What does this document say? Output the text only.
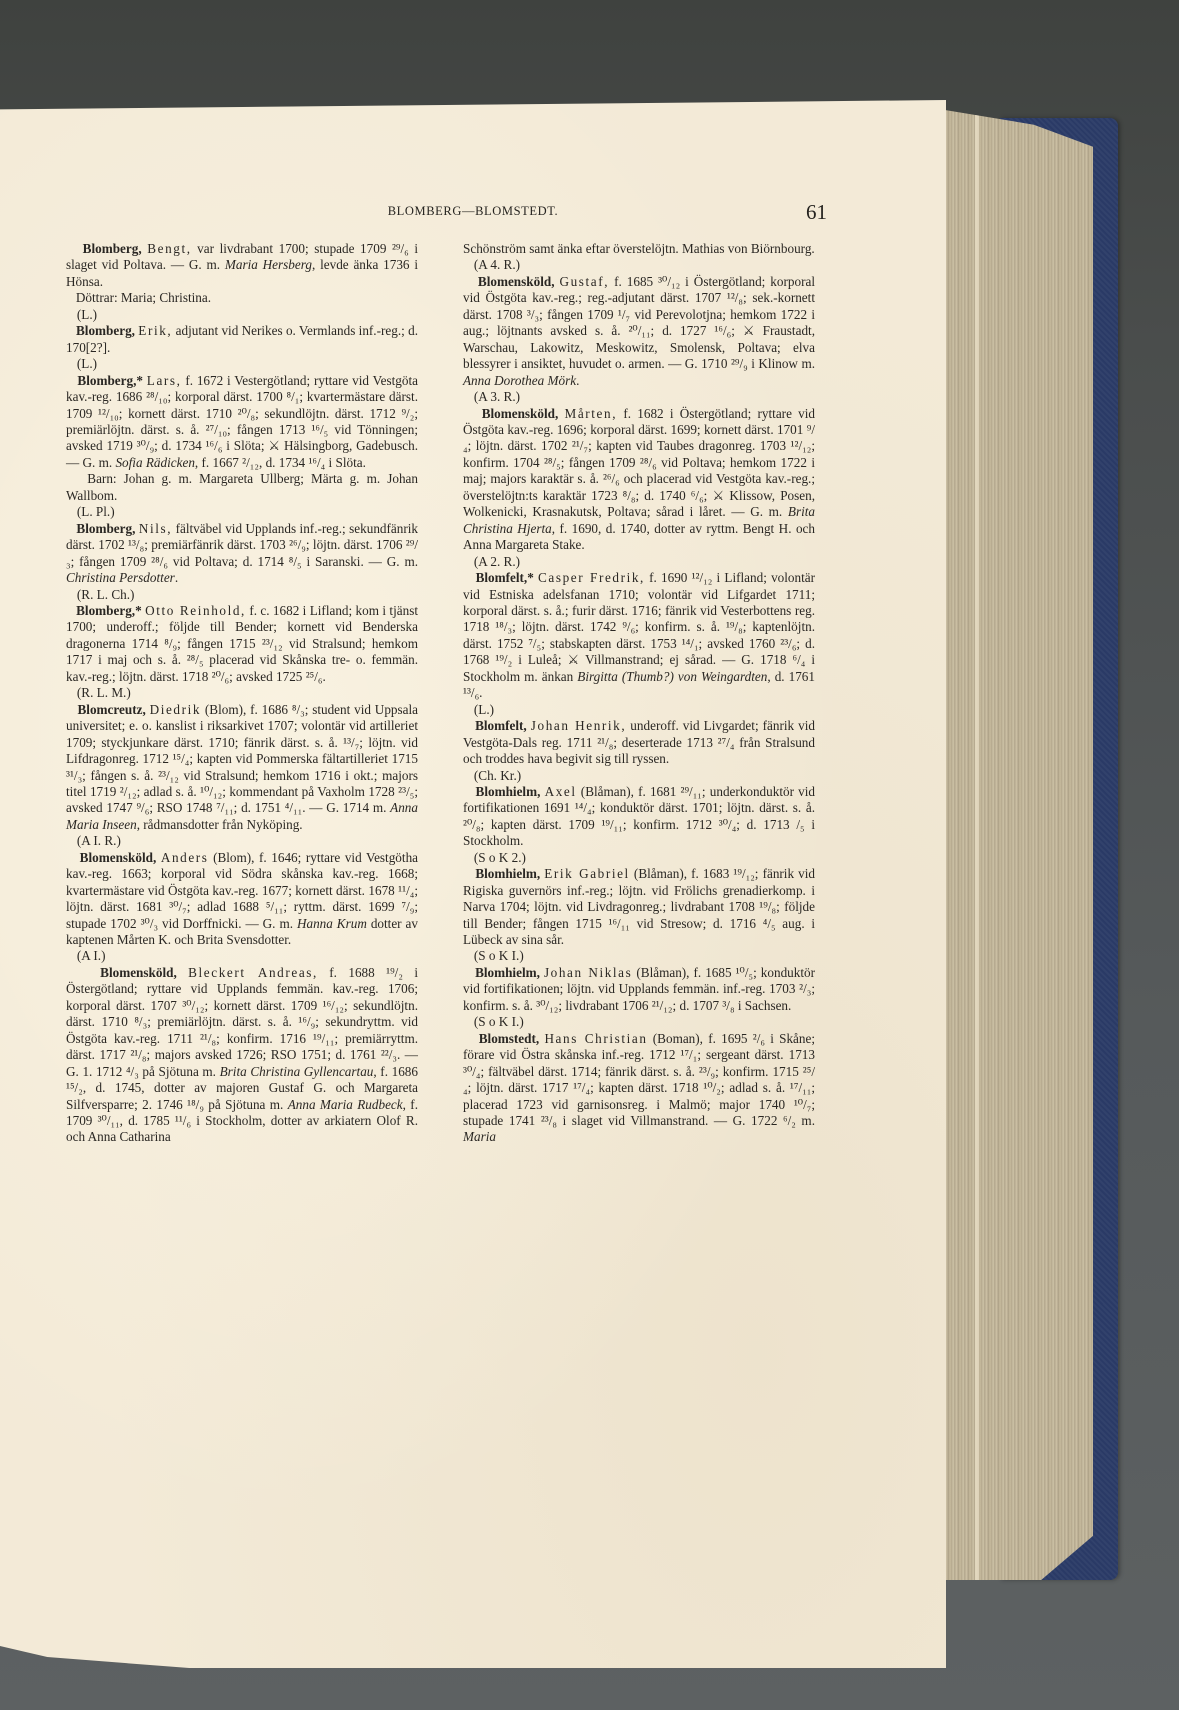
BLOMBERG—BLOMSTEDT.	61

Blomberg, Bengt, var livdrabant 1700; stupade 1709 ²⁹/₆ i slaget vid Poltava. — G. m. Maria Hersberg, levde änka 1736 i Hönsa.

Döttrar: Maria; Christina.

(L.)

Blomberg, Erik, adjutant vid Nerikes o. Vermlands inf.-reg.; d. 170[2?].

(L.)

Blomberg,* Lars, f. 1672 i Vestergötland; ryttare vid Vestgöta kav.-reg. 1686 ²⁸/₁₀; korporal därst. 1700 ⁸/₁; kvartermästare därst. 1709 ¹²/₁₀; kornett därst. 1710 ²⁰/₈; sekundlöjtn. därst. 1712 ⁹/₂; premiärlöjtn. därst. s. å. ²⁷/₁₀; fången 1713 ¹⁶/₅ vid Tönningen; avsked 1719 ³⁰/₉; d. 1734 ¹⁶/₆ i Slöta; ⚔ Hälsingborg, Gadebusch. — G. m. Sofia Rädicken, f. 1667 ²/₁₂, d. 1734 ¹⁶/₄ i Slöta.

Barn: Johan g. m. Margareta Ullberg; Märta g. m. Johan Wallbom.

(L. Pl.)

Blomberg, Nils, fältväbel vid Upplands inf.-reg.; sekundfänrik därst. 1702 ¹³/₈; premiärfänrik därst. 1703 ²⁶/₉; löjtn. därst. 1706 ²⁹/₃; fången 1709 ²⁸/₆ vid Poltava; d. 1714 ⁸/₅ i Saranski. — G. m. Christina Persdotter.

(R. L. Ch.)

Blomberg,* Otto Reinhold, f. c. 1682 i Lifland; kom i tjänst 1700; underoff.; följde till Bender; kornett vid Benderska dragonerna 1714 ⁸/₉; fången 1715 ²³/₁₂ vid Stralsund; hemkom 1717 i maj och s. å. ²⁸/₅ placerad vid Skånska tre- o. femmän. kav.-reg.; löjtn. därst. 1718 ²⁰/₆; avsked 1725 ²⁵/₆.

(R. L. M.)

Blomcreutz, Diedrik (Blom), f. 1686 ⁸/₃; student vid Uppsala universitet; e. o. kanslist i riksarkivet 1707; volontär vid artilleriet 1709; styckjunkare därst. 1710; fänrik därst. s. å. ¹³/₇; löjtn. vid Lifdragonreg. 1712 ¹⁵/₄; kapten vid Pommerska fältartilleriet 1715 ³¹/₃; fången s. å. ²³/₁₂ vid Stralsund; hemkom 1716 i okt.; majors titel 1719 ²/₁₂; adlad s. å. ¹⁰/₁₂; kommendant på Vaxholm 1728 ²³/₅; avsked 1747 ⁹/₆; RSO 1748 ⁷/₁₁; d. 1751 ⁴/₁₁. — G. 1714 m. Anna Maria Inseen, rådmansdotter från Nyköping.

(A I. R.)

Blomensköld, Anders (Blom), f. 1646; ryttare vid Vestgötha kav.-reg. 1663; korporal vid Södra skånska kav.-reg. 1668; kvartermästare vid Östgöta kav.-reg. 1677; kornett därst. 1678 ¹¹/₄; löjtn. därst. 1681 ³⁰/₇; adlad 1688 ⁵/₁₁; ryttm. därst. 1699 ⁷/₉; stupade 1702 ³⁰/₃ vid Dorffnicki. — G. m. Hanna Krum dotter av kaptenen Mårten K. och Brita Svensdotter.

(A I.)

Blomensköld, Bleckert Andreas, f. 1688 ¹⁹/₂ i Östergötland; ryttare vid Upplands femmän. kav.-reg. 1706; korporal därst. 1707 ³⁰/₁₂; kornett därst. 1709 ¹⁶/₁₂; sekundlöjtn. därst. 1710 ⁸/₃; premiärlöjtn. därst. s. å. ¹⁶/₉; sekundryttm. vid Östgöta kav.-reg. 1711 ²¹/₈; konfirm. 1716 ¹⁹/₁₁; premiärryttm. därst. 1717 ²¹/₈; majors avsked 1726; RSO 1751; d. 1761 ²²/₃. — G. 1. 1712 ⁴/₃ på Sjötuna m. Brita Christina Gyllencartau, f. 1686 ¹⁵/₂, d. 1745, dotter av majoren Gustaf G. och Margareta Silfversparre; 2. 1746 ¹⁸/₉ på Sjötuna m. Anna Maria Rudbeck, f. 1709 ³⁰/₁₁, d. 1785 ¹¹/₆ i Stockholm, dotter av arkiatern Olof R. och Anna Catharina

Schönström samt änka eftar överstelöjtn. Mathias von Biörnbourg.

(A 4. R.)

Blomensköld, Gustaf, f. 1685 ³⁰/₁₂ i Östergötland; korporal vid Östgöta kav.-reg.; reg.-adjutant därst. 1707 ¹²/₈; sek.-kornett därst. 1708 ³/₃; fången 1709 ¹/₇ vid Perevolotjna; hemkom 1722 i aug.; löjtnants avsked s. å. ²⁰/₁₁; d. 1727 ¹⁶/₆; ⚔ Fraustadt, Warschau, Lakowitz, Meskowitz, Smolensk, Poltava; elva blessyrer i ansiktet, huvudet o. armen. — G. 1710 ²⁹/₉ i Klinow m. Anna Dorothea Mörk.

(A 3. R.)

Blomensköld, Mårten, f. 1682 i Östergötland; ryttare vid Östgöta kav.-reg. 1696; korporal därst. 1699; kornett därst. 1701 ⁹/₄; löjtn. därst. 1702 ²¹/₇; kapten vid Taubes dragonreg. 1703 ¹²/₁₂; konfirm. 1704 ²⁸/₅; fången 1709 ²⁸/₆ vid Poltava; hemkom 1722 i maj; majors karaktär s. å. ²⁶/₆ och placerad vid Vestgöta kav.-reg.; överstelöjtn:ts karaktär 1723 ⁸/₈; d. 1740 ⁶/₆; ⚔ Klissow, Posen, Wolkenicki, Krasnakutsk, Poltava; sårad i låret. — G. m. Brita Christina Hjerta, f. 1690, d. 1740, dotter av ryttm. Bengt H. och Anna Margareta Stake.

(A 2. R.)

Blomfelt,* Casper Fredrik, f. 1690 ¹²/₁₂ i Lifland; volontär vid Estniska adelsfanan 1710; volontär vid Lifgardet 1711; korporal därst. s. å.; furir därst. 1716; fänrik vid Vesterbottens reg. 1718 ¹⁸/₃; löjtn. därst. 1742 ⁹/₆; konfirm. s. å. ¹⁹/₈; kaptenlöjtn. därst. 1752 ⁷/₅; stabskapten därst. 1753 ¹⁴/₁; avsked 1760 ²³/₆; d. 1768 ¹⁹/₂ i Luleå; ⚔ Villmanstrand; ej sårad. — G. 1718 ⁶/₄ i Stockholm m. änkan Birgitta (Thumb?) von Weingardten, d. 1761 ¹³/₆.

(L.)

Blomfelt, Johan Henrik, underoff. vid Livgardet; fänrik vid Vestgöta-Dals reg. 1711 ²¹/₈; deserterade 1713 ²⁷/₄ från Stralsund och troddes hava begivit sig till ryssen.

(Ch. Kr.)

Blomhielm, Axel (Blåman), f. 1681 ²⁹/₁₁; underkonduktör vid fortifikationen 1691 ¹⁴/₄; konduktör därst. 1701; löjtn. därst. s. å. ²⁰/₈; kapten därst. 1709 ¹⁹/₁₁; konfirm. 1712 ³⁰/₄; d. 1713 /₅ i Stockholm.

(S o K 2.)

Blomhielm, Erik Gabriel (Blåman), f. 1683 ¹⁹/₁₂; fänrik vid Rigiska guvernörs inf.-reg.; löjtn. vid Frölichs grenadierkomp. i Narva 1704; löjtn. vid Livdragonreg.; livdrabant 1708 ¹⁹/₈; följde till Bender; fången 1715 ¹⁶/₁₁ vid Stresow; d. 1716 ⁴/₅ aug. i Lübeck av sina sår.

(S o K I.)

Blomhielm, Johan Niklas (Blåman), f. 1685 ¹⁰/₅; konduktör vid fortifikationen; löjtn. vid Upplands femmän. inf.-reg. 1703 ²/₃; konfirm. s. å. ³⁰/₁₂; livdrabant 1706 ²¹/₁₂; d. 1707 ³/₈ i Sachsen.

(S o K I.)

Blomstedt, Hans Christian (Boman), f. 1695 ²/₆ i Skåne; förare vid Östra skånska inf.-reg. 1712 ¹⁷/₁; sergeant därst. 1713 ³⁰/₄; fältväbel därst. 1714; fänrik därst. s. å. ²³/₉; konfirm. 1715 ²⁵/₄; löjtn. därst. 1717 ¹⁷/₄; kapten därst. 1718 ¹⁰/₂; adlad s. å. ¹⁷/₁₁; placerad 1723 vid garnisonsreg. i Malmö; major 1740 ¹⁰/₇; stupade 1741 ²³/₈ i slaget vid Villmanstrand. — G. 1722 ⁶/₂ m. Maria
